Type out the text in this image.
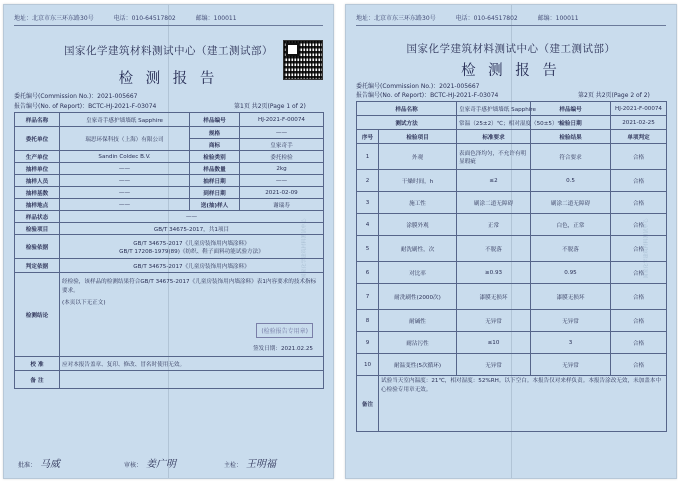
国家化学建筑材料测试中心
地址：北京市东三环东路30号	电话：010-64517802	邮编：100011
国家化学建筑材料测试中心（建工测试部）
检 测 报 告
委托编号(Commission No.)：2021-005667
报告编号(No. of Report)：BCTC-HJ-2021-F-03074	第1页 共2页(Page 1 of 2)
样品名称	皇家奇手感护墙墙纸 Sapphire	样品编号	HJ-2021-F-00074
委托单位	瑞思环保科技（上海）有限公司	规格	——
		商标	皇家奇手
生产单位	Sandin Coldec B.V.	检验类别	委托检验
抽样单位	——	样品数量	2kg
抽样人员	——	抽样日期	——
抽样基数	——	到样日期	2021-02-09
抽样地点	——	送(抽)样人	谢瑞寿
样品状态	——		
检验项目	GB/T 34675-2017，共1项目		
检验依据	GB/T 34675-2017《儿童房装饰用内墙涂料》
GB/T 17208-1979(89)《纺织、鞋子面料功能试验方法》		

判定依据	GB/T 34675-2017《儿童房装饰用内墙涂料》		
检测结论	经检验，该样品的检测结果符合GB/T 34675-2017《儿童房装饰用内墙涂料》表1内容要求的技术指标要求。
(本页以下无正文)
(检验报告专用章)
签发日期：2021.02.25		

校 准	应对本报告盖章、复印、修改、冒名时使用无效。		
备 注			
批准： 马威	审核： 姜广明	主检： 王明福
国家化学建筑材料测试中心
地址：北京市东三环东路30号	电话：010-64517802	邮编：100011
国家化学建筑材料测试中心（建工测试部）
检 测 报 告
委托编号(Commission No.)：2021-005667
报告编号(No. of Report)：BCTC-HJ-2021-F-03074	第2页 共2页(Page 2 of 2)
样品名称		皇家奇手感护墙墙纸 Sapphire	样品编号	HJ-2021-F-00074
测试方法		常温（25±2）℃；相对湿度（50±5）%	检验日期	2021-02-25
序号	检验项目	标准要求	检验结果	单项判定
1	外观	表面色泽均匀，不允许有明显瑕疵	符合要求	合格
2	干燥时间，h	≤2	0.5	合格
3	施工性	刷涂二道无障碍	刷涂二道无障碍	合格
4	涂膜外观	正常	白色，正常	合格
5	耐洗刷性，次	不脱落	不脱落	合格
6	对比率	≥0.93	0.95	合格
7	耐洗刷性(2000次)	漆膜无损坏	漆膜无损坏	合格
8	耐碱性	无异常	无异常	合格
9	耐沾污性	≤10	3	合格
10	耐温变性(5次循环)	无异常	无异常	合格
备注	试验当天室内温度：21℃，相对湿度：52%RH。以下空白。本报告仅对来样负责。本报告涂改无效，未加盖本中心检验专用章无效。			
